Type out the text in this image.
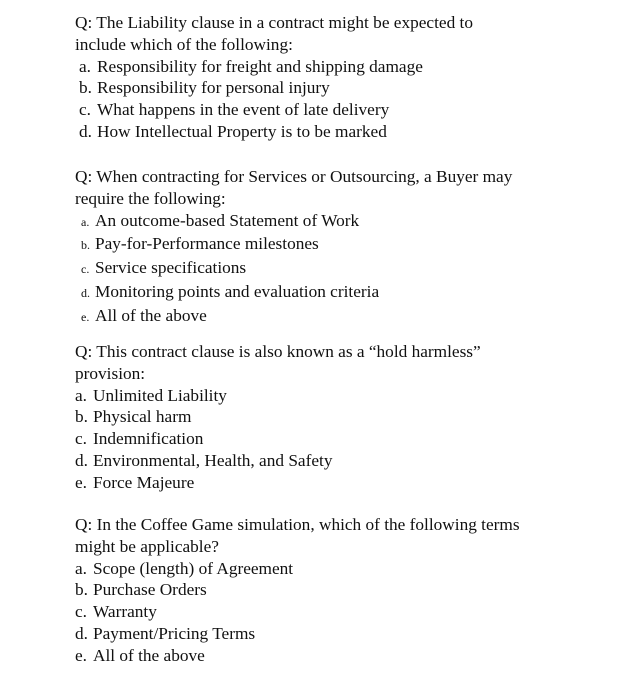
Q: The Liability clause in a contract might be expected to
include which of the following:

a. Responsibility for freight and shipping damage
b. Responsibility for personal injury
c. What happens in the event of late delivery
d. How Intellectual Property is to be marked

Q: When contracting for Services or Outsourcing, a Buyer may
require the following:

a. An outcome-based Statement of Work
b. Pay-for-Performance milestones
c. Service specifications
d. Monitoring points and evaluation criteria
e. All of the above

Q: This contract clause is also known as a “hold harmless”
provision:

a. Unlimited Liability
b. Physical harm
c. Indemnification
d. Environmental, Health, and Safety
e. Force Majeure

Q: In the Coffee Game simulation, which of the following terms
might be applicable?

a. Scope (length) of Agreement
b. Purchase Orders
c. Warranty
d. Payment/Pricing Terms
e. All of the above
